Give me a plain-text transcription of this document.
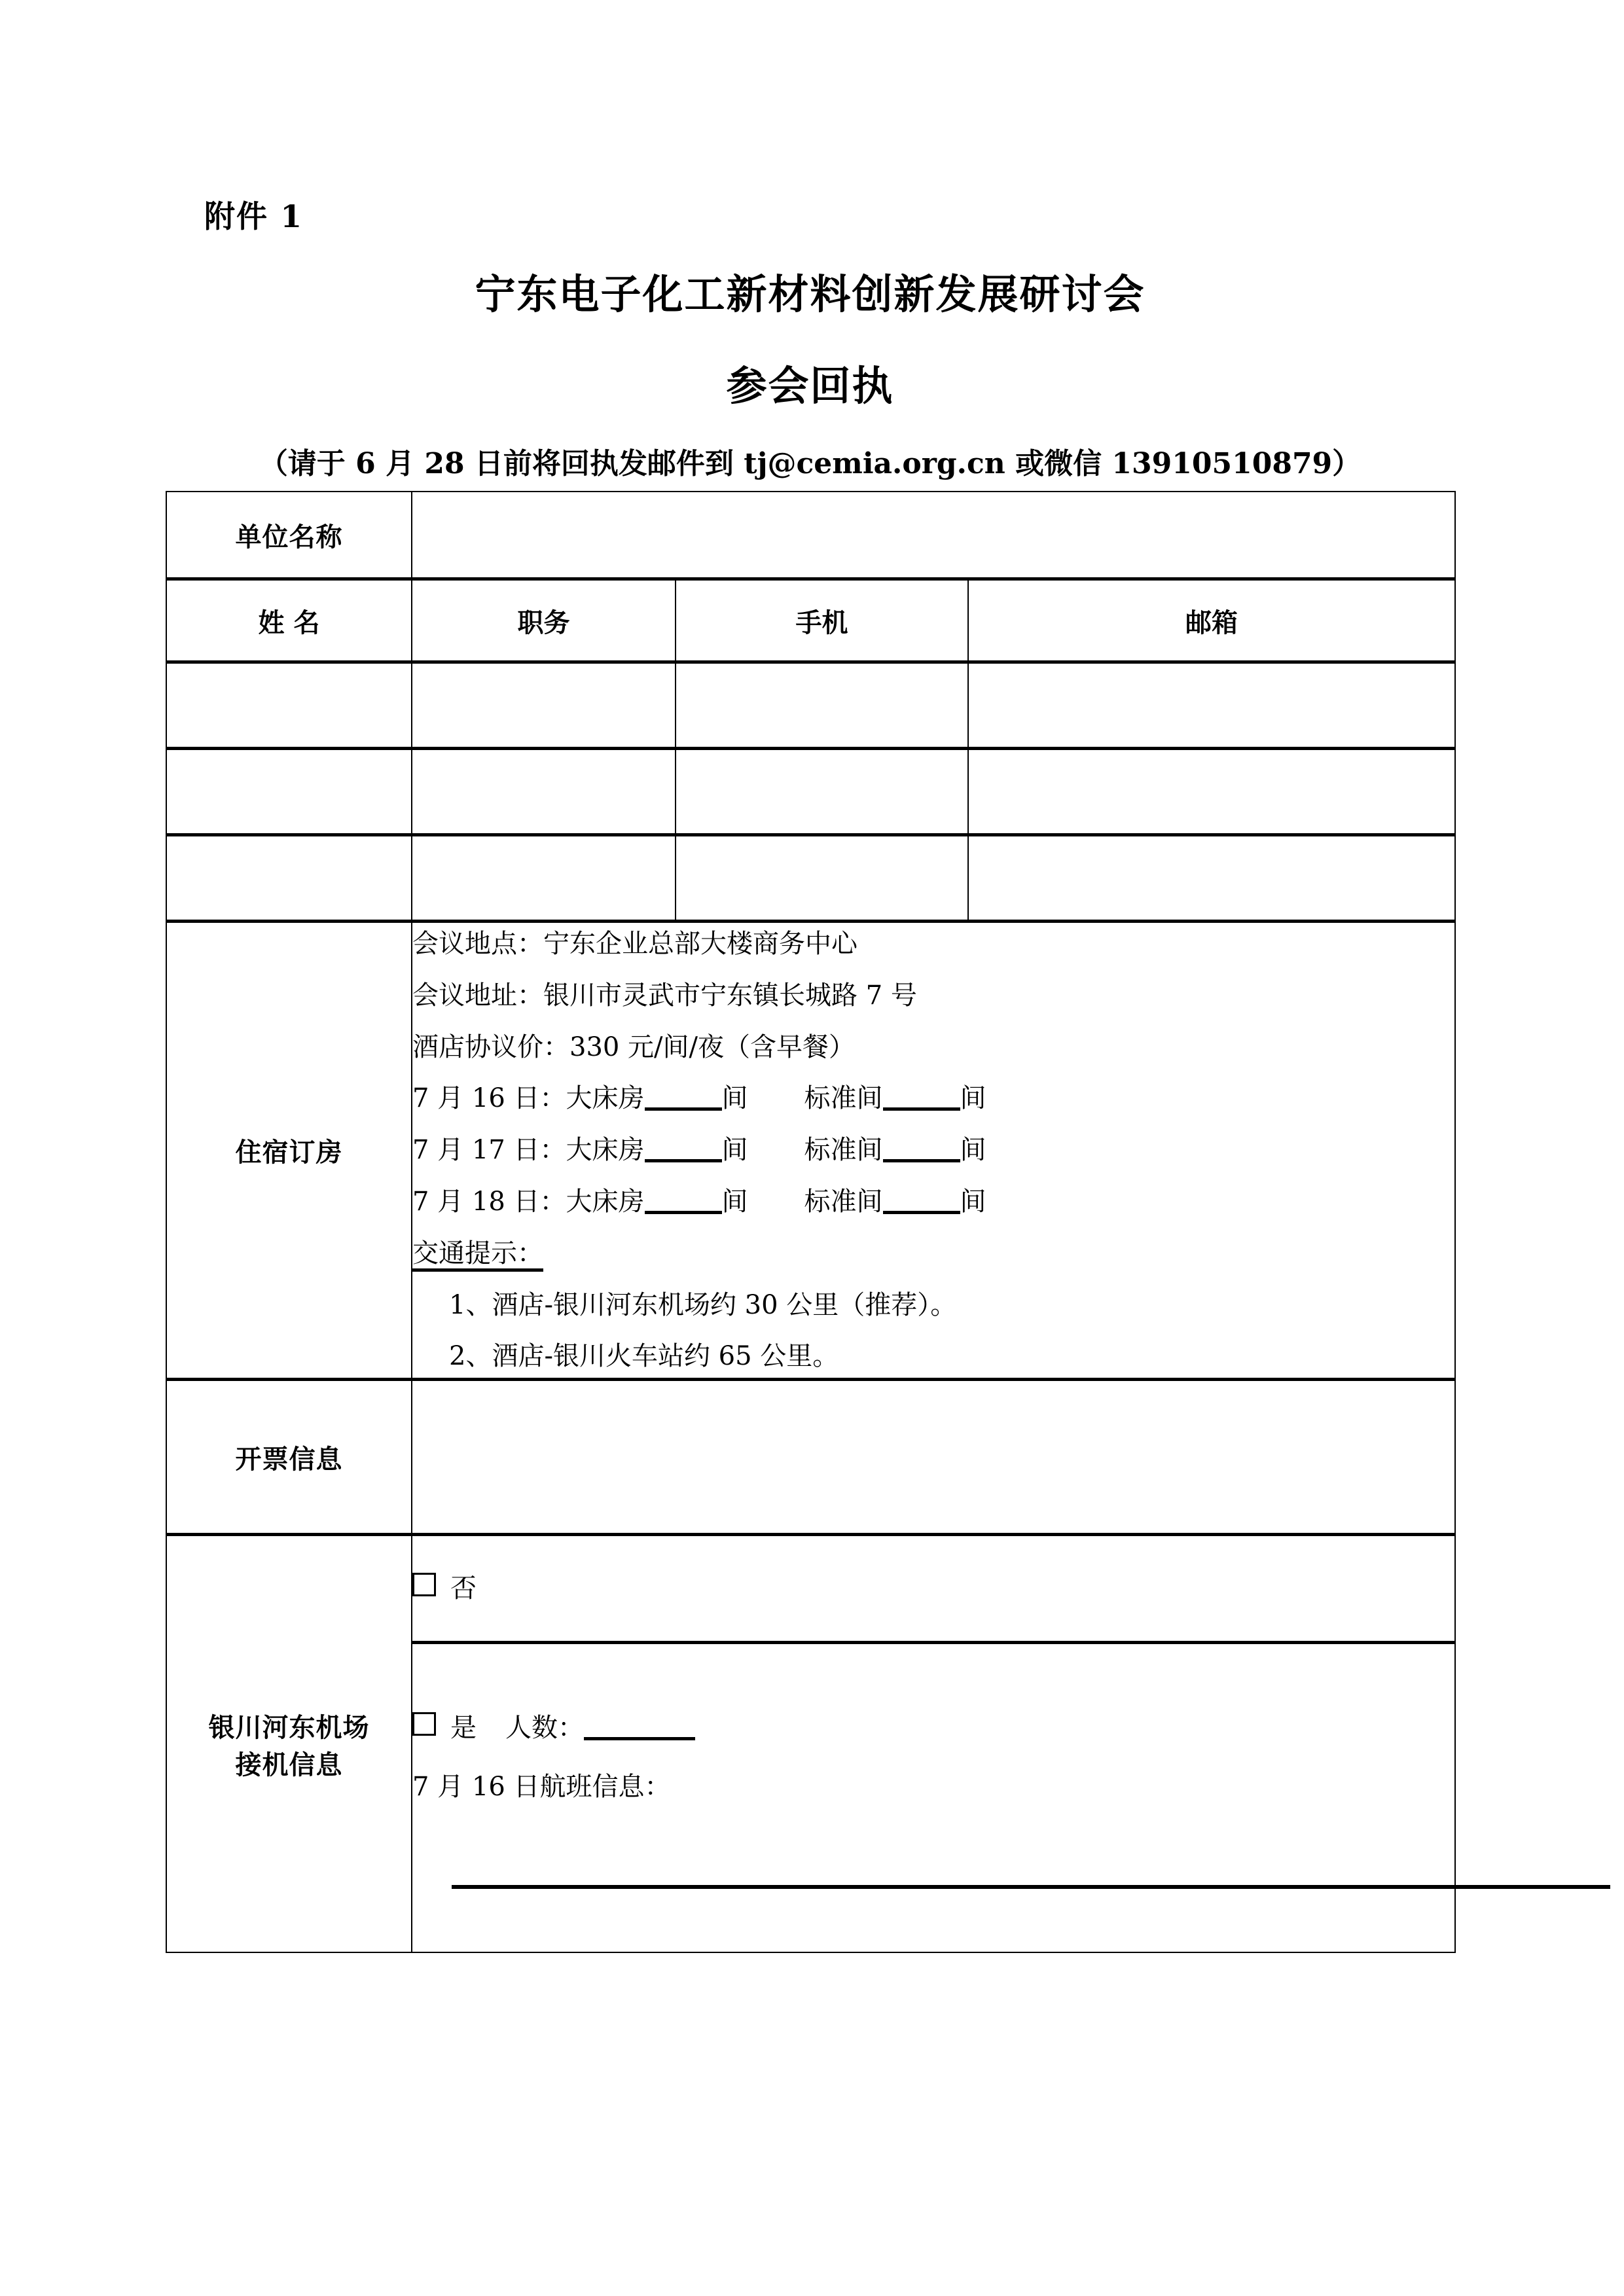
附件 1
宁东电子化工新材料创新发展研讨会
参会回执
（请于 6 月 28 日前将回执发邮件到 tj@cemia.org.cn 或微信 13910510879）
单位名称			
姓 名	职务	手机	邮箱

住宿订房	
会议地点：宁东企业总部大楼商务中心
会议地址：银川市灵武市宁东镇长城路 7 号
酒店协议价：330 元/间/夜（含早餐）
7 月 16 日：大床房	间 标准间	间
7 月 17 日：大床房	间 标准间	间
7 月 18 日：大床房	间 标准间	间
交通提示：
1、酒店-银川河东机场约 30 公里（推荐）。
2、酒店-银川火车站约 65 公里。

开票信息			

银川河东机场
接机信息	否		

	是 人数：
7 月 16 日航班信息：		
